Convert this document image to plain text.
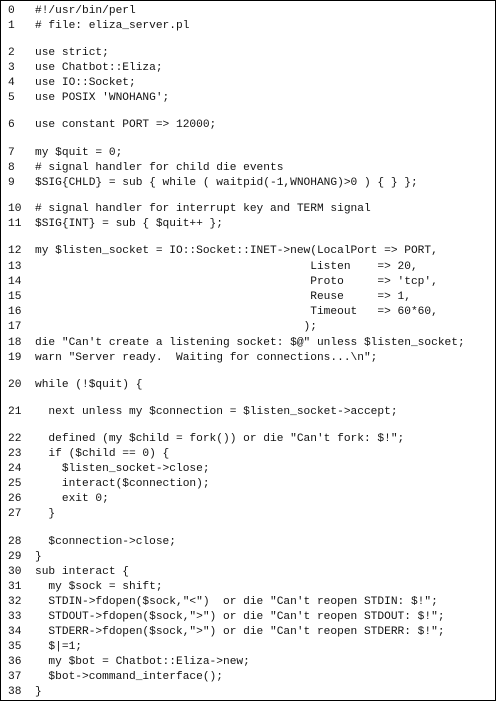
0	#!/usr/bin/perl
1	# file: eliza_server.pl
2	use strict;
3	use Chatbot::Eliza;
4	use IO::Socket;
5	use POSIX 'WNOHANG';
6	use constant PORT => 12000;
7	my $quit = 0;
8	# signal handler for child die events
9	$SIG{CHLD} = sub { while ( waitpid(-1,WNOHANG)>0 ) { } };
10 # signal handler for interrupt key and TERM signal
11 $SIG{INT} = sub { $quit++ };
12 my $listen_socket = IO::Socket::INET->new(LocalPort => PORT,
13 Listen    => 20,
14 Proto     => 'tcp',
15 Reuse     => 1,
16 Timeout   => 60*60,
17 );
18 die "Can't create a listening socket: $@" unless $listen_socket;
19 warn "Server ready.  Waiting for connections...\n";
20 while (!$quit) {
21 next unless my $connection = $listen_socket->accept;
22 defined (my $child = fork()) or die "Can't fork: $!";
23 if ($child == 0) {
24 $listen_socket->close;
25 interact($connection);
26 exit 0;
27 }
28 $connection->close;
29 }
30 sub interact {
31 my $sock = shift;
32 STDIN->fdopen($sock,"<")  or die "Can't reopen STDIN: $!";
33 STDOUT->fdopen($sock,">") or die "Can't reopen STDOUT: $!";
34 STDERR->fdopen($sock,">") or die "Can't reopen STDERR: $!";
35 $|=1;
36 my $bot = Chatbot::Eliza->new;
37 $bot->command_interface();
38 }
